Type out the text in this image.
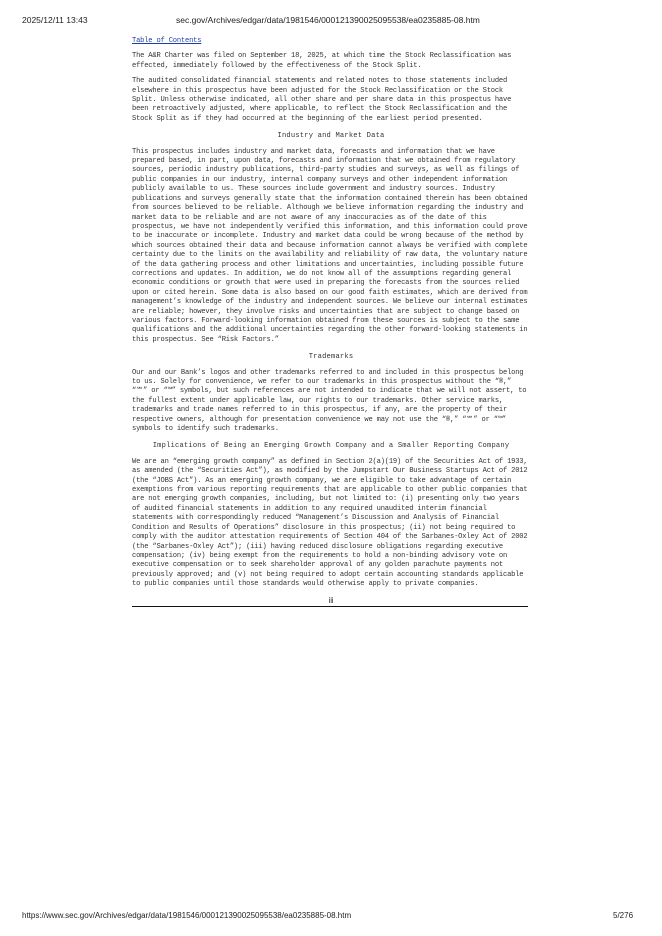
2025/12/11 13:43	sec.gov/Archives/edgar/data/1981546/000121390025095538/ea0235885-08.htm
Table of Contents

The A&R Charter was filed on September 18, 2025, at which time the Stock Reclassification was effected, immediately followed by the effectiveness of the Stock Split.

The audited consolidated financial statements and related notes to those statements included elsewhere in this prospectus have been adjusted for the Stock Reclassification or the Stock Split. Unless otherwise indicated, all other share and per share data in this prospectus have been retroactively adjusted, where applicable, to reflect the Stock Reclassification and the Stock Split as if they had occurred at the beginning of the earliest period presented.

Industry and Market Data

This prospectus includes industry and market data, forecasts and information that we have prepared based, in part, upon data, forecasts and information that we obtained from regulatory sources, periodic industry publications, third-party studies and surveys, as well as filings of public companies in our industry, internal company surveys and other independent information publicly available to us. These sources include government and industry sources. Industry publications and surveys generally state that the information contained therein has been obtained from sources believed to be reliable. Although we believe information regarding the industry and market data to be reliable and are not aware of any inaccuracies as of the date of this prospectus, we have not independently verified this information, and this information could prove to be inaccurate or incomplete. Industry and market data could be wrong because of the method by which sources obtained their data and because information cannot always be verified with complete certainty due to the limits on the availability and reliability of raw data, the voluntary nature of the data gathering process and other limitations and uncertainties, including possible future corrections and updates. In addition, we do not know all of the assumptions regarding general economic conditions or growth that were used in preparing the forecasts from the sources relied upon or cited herein. Some data is also based on our good faith estimates, which are derived from management’s knowledge of the industry and independent sources. We believe our internal estimates are reliable; however, they involve risks and uncertainties that are subject to change based on various factors. Forward-looking information obtained from these sources is subject to the same qualifications and the additional uncertainties regarding the other forward-looking statements in this prospectus. See “Risk Factors.”

Trademarks

Our and our Bank’s logos and other trademarks referred to and included in this prospectus belong to us. Solely for convenience, we refer to our trademarks in this prospectus without the “®,” “℠” or “™” symbols, but such references are not intended to indicate that we will not assert, to the fullest extent under applicable law, our rights to our trademarks. Other service marks, trademarks and trade names referred to in this prospectus, if any, are the property of their respective owners, although for presentation convenience we may not use the “®,” “℠” or “™” symbols to identify such trademarks.

Implications of Being an Emerging Growth Company and a Smaller Reporting Company

We are an “emerging growth company” as defined in Section 2(a)(19) of the Securities Act of 1933, as amended (the “Securities Act”), as modified by the Jumpstart Our Business Startups Act of 2012 (the “JOBS Act”). As an emerging growth company, we are eligible to take advantage of certain exemptions from various reporting requirements that are applicable to other public companies that are not emerging growth companies, including, but not limited to: (i) presenting only two years of audited financial statements in addition to any required unaudited interim financial statements with correspondingly reduced “Management’s Discussion and Analysis of Financial Condition and Results of Operations” disclosure in this prospectus; (ii) not being required to comply with the auditor attestation requirements of Section 404 of the Sarbanes-Oxley Act of 2002 (the “Sarbanes-Oxley Act”); (iii) having reduced disclosure obligations regarding executive compensation; (iv) being exempt from the requirements to hold a non-binding advisory vote on executive compensation or to seek shareholder approval of any golden parachute payments not previously approved; and (v) not being required to adopt certain accounting standards applicable to public companies until those standards would otherwise apply to private companies.

iii
https://www.sec.gov/Archives/edgar/data/1981546/000121390025095538/ea0235885-08.htm	5/276
